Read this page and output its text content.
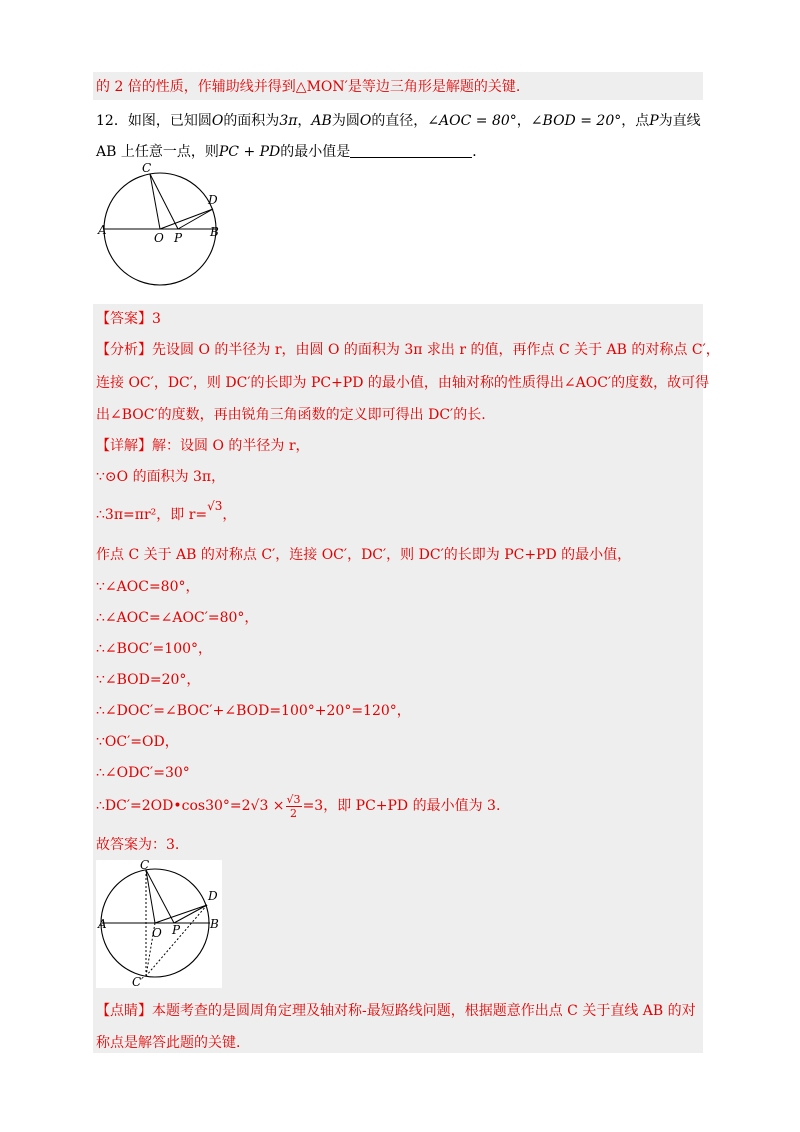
的 2 倍的性质，作辅助线并得到△MON′是等边三角形是解题的关键.
12．如图，已知圆O的面积为3π，AB为圆O的直径，∠AOC = 80°，∠BOD = 20°，点P为直线
AB 上任意一点，则PC + PD的最小值是	．
A	B
C
D
O P
【答案】3
【分析】先设圆 O 的半径为 r，由圆 O 的面积为 3π 求出 r 的值，再作点 C 关于 AB 的对称点 C′，
连接 OC′，DC′，则 DC′的长即为 PC+PD 的最小值，由轴对称的性质得出∠AOC′的度数，故可得
出∠BOC′的度数，再由锐角三角函数的定义即可得出 DC′的长.
【详解】解：设圆 O 的半径为 r，
∵⊙O 的面积为 3π，
∴3π=πr²，即 r=√3，
作点 C 关于 AB 的对称点 C′，连接 OC′，DC′，则 DC′的长即为 PC+PD 的最小值，
∵∠AOC=80°，
∴∠AOC=∠AOC′=80°，
∴∠BOC′=100°，
∵∠BOD=20°，
∴∠DOC′=∠BOC′+∠BOD=100°+20°=120°，
∵OC′=OD，
∴∠ODC′=30°
∴DC′=2OD•cos30°=2√3 × $\frac{√3}{2} =3$，即 PC+PD 的最小值为 3.
故答案为：3.
A	B
C
D
O P
C′
【点睛】本题考查的是圆周角定理及轴对称-最短路线问题，根据题意作出点 C 关于直线 AB 的对
称点是解答此题的关键.
